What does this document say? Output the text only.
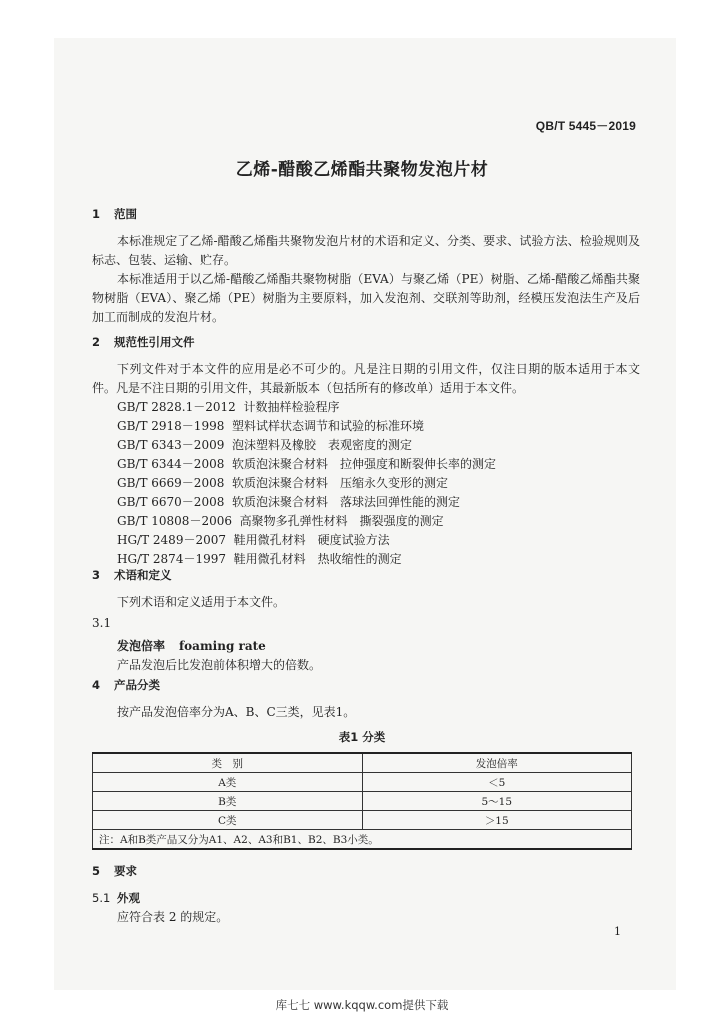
QB/T 5445－2019
乙烯-醋酸乙烯酯共聚物发泡片材
1 范围

本标准规定了乙烯-醋酸乙烯酯共聚物发泡片材的术语和定义、分类、要求、试验方法、检验规则及标志、包装、运输、贮存。

本标准适用于以乙烯-醋酸乙烯酯共聚物树脂（EVA）与聚乙烯（PE）树脂、乙烯-醋酸乙烯酯共聚物树脂（EVA）、聚乙烯（PE）树脂为主要原料，加入发泡剂、交联剂等助剂，经模压发泡法生产及后加工而制成的发泡片材。

2 规范性引用文件

下列文件对于本文件的应用是必不可少的。凡是注日期的引用文件，仅注日期的版本适用于本文件。凡是不注日期的引用文件，其最新版本（包括所有的修改单）适用于本文件。

GB/T 2828.1－2012 计数抽样检验程序
GB/T 2918－1998 塑料试样状态调节和试验的标准环境
GB/T 6343－2009 泡沫塑料及橡胶　表观密度的测定
GB/T 6344－2008 软质泡沫聚合材料　拉伸强度和断裂伸长率的测定
GB/T 6669－2008 软质泡沫聚合材料　压缩永久变形的测定
GB/T 6670－2008 软质泡沫聚合材料　落球法回弹性能的测定
GB/T 10808－2006 高聚物多孔弹性材料　撕裂强度的测定
HG/T 2489－2007 鞋用微孔材料　硬度试验方法
HG/T 2874－1997 鞋用微孔材料　热收缩性的测定
3 术语和定义

下列术语和定义适用于本文件。

3.1
发泡倍率 foaming rate

产品发泡后比发泡前体积增大的倍数。

4 产品分类

按产品发泡倍率分为A、B、C三类，见表1。

表1 分类
类　别	发泡倍率
A类	＜5
B类	5～15
C类	＞15
注：A和B类产品又分为A1、A2、A3和B1、B2、B3小类。	
5 要求
5.1 外观

应符合表 2 的规定。

1
库七七 www.kqqw.com提供下载
